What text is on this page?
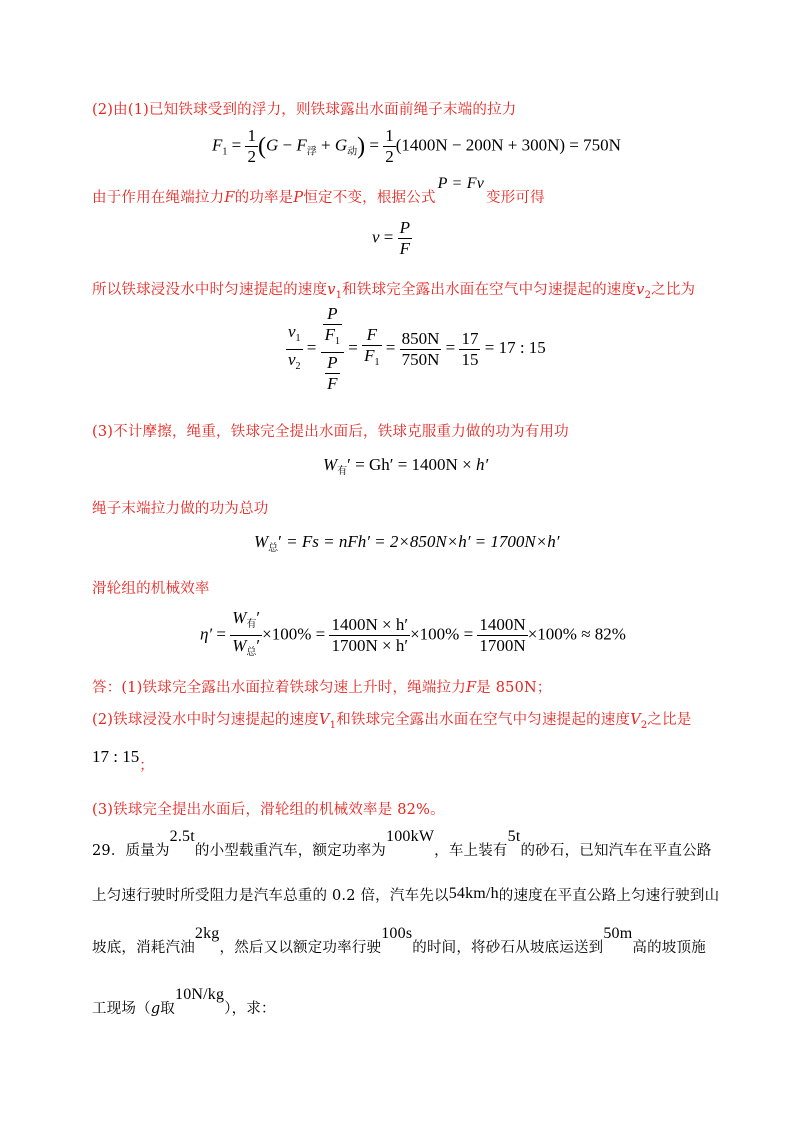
(2)由(1)已知铁球受到的浮力，则铁球露出水面前绳子末端的拉力
$F_1 = \frac{1}{2} (G - F_浮 + G_动) = \frac{1}{2} (1400N - 200N + 300N) = 750N$
由于作用在绳端拉力F的功率是P恒定不变，根据公式P = Fv变形可得
$v = \frac{P}{F}$
所以铁球浸没水中时匀速提起的速度$v_1$和铁球完全露出水面在空气中匀速提起的速度$v_2$之比为
$\frac{v_1}{v_2} = \frac{\frac{P}{F_1}}{\frac{P}{F}} = \frac{F}{F_1} = \frac{850N}{750N} = \frac{17}{15} = 17$ : 15
(3)不计摩擦，绳重，铁球完全提出水面后，铁球克服重力做的功为有用功
$W_有' = Gh' = 1400N \times h'$
绳子末端拉力做的功为总功
$W_总' = Fs = nFh' = 2\times 850N\times h' = 1700N\times h'$
滑轮组的机械效率
$\eta' = \frac{W_有'}{W_总'} \times 100\% = \frac{1400N \times h'}{1700N \times h'} \times 100\% = \frac{1400N}{1700N} \times 100\% \approx 82\%$
答：(1)铁球完全露出水面拉着铁球匀速上升时，绳端拉力F是 850N；
(2)铁球浸没水中时匀速提起的速度$V_1$和铁球完全露出水面在空气中匀速提起的速度$V_2$之比是
17 : 15；
(3)铁球完全提出水面后，滑轮组的机械效率是 82%。
29．质量为2.5t的小型载重汽车，额定功率为100kW，车上装有5t的砂石，已知汽车在平直公路
上匀速行驶时所受阻力是汽车总重的 0.2 倍，汽车先以54km/h的速度在平直公路上匀速行驶到山
坡底，消耗汽油2kg，然后又以额定功率行驶100s的时间，将砂石从坡底运送到50m高的坡顶施
工现场（g取10N/kg），求：
